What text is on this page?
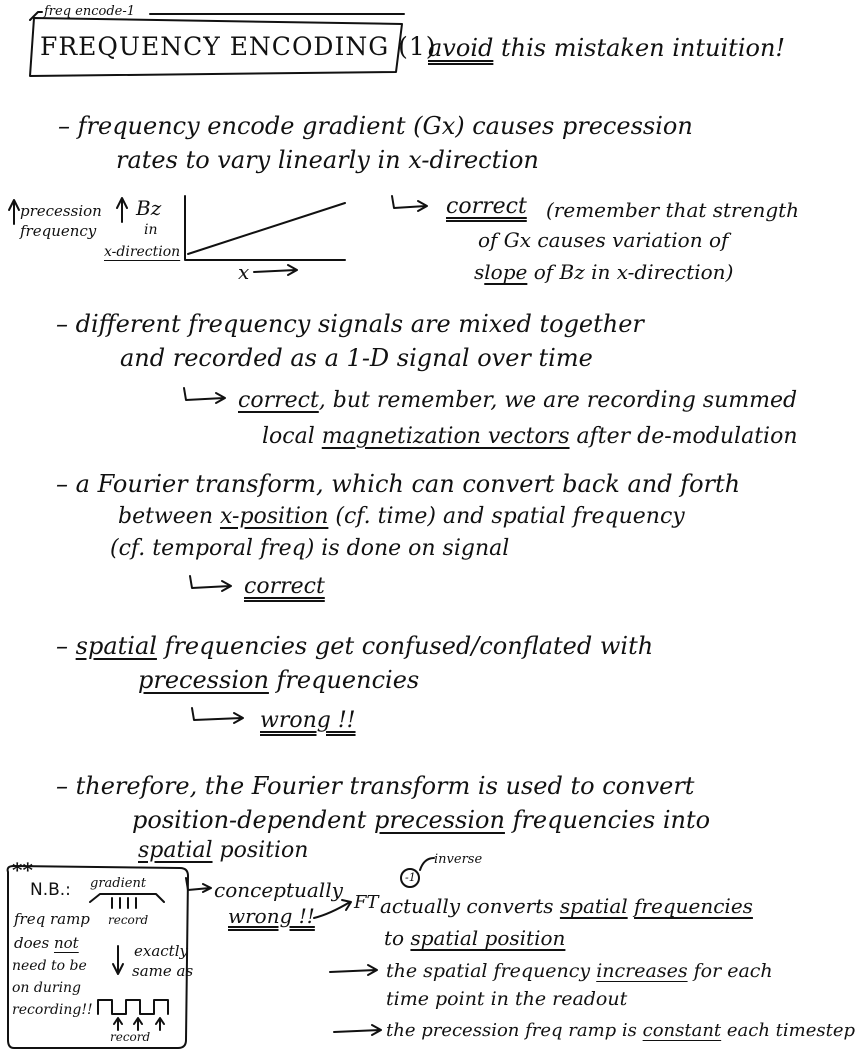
freq encode-1
FREQUENCY ENCODING (1)
avoid this mistaken intuition!
– frequency encode gradient (Gx) causes precession
rates to vary linearly in x-direction
precession
frequency
Bz
in
x-direction
x
correct (remember that strength
of Gx causes variation of
slope of Bz in x-direction)
– different frequency signals are mixed together
and recorded as a 1-D signal over time
correct, but remember, we are recording summed
local magnetization vectors after de-modulation
– a Fourier transform, which can convert back and forth
between x-position (cf. time) and spatial frequency
(cf. temporal freq) is done on signal
correct
– spatial frequencies get confused/conflated with
precession frequencies
wrong !!
– therefore, the Fourier transform is used to convert
position-dependent precession frequencies into
spatial position
conceptually
wrong !!
inverse
-1
FT actually converts spatial frequencies
to spatial position
the spatial frequency increases for each
time point in the readout
the precession freq ramp is constant each timestep
**
N.B.: gradient
record
freq ramp
does not
need to be
on during
recording!!
exactly
same as
record
